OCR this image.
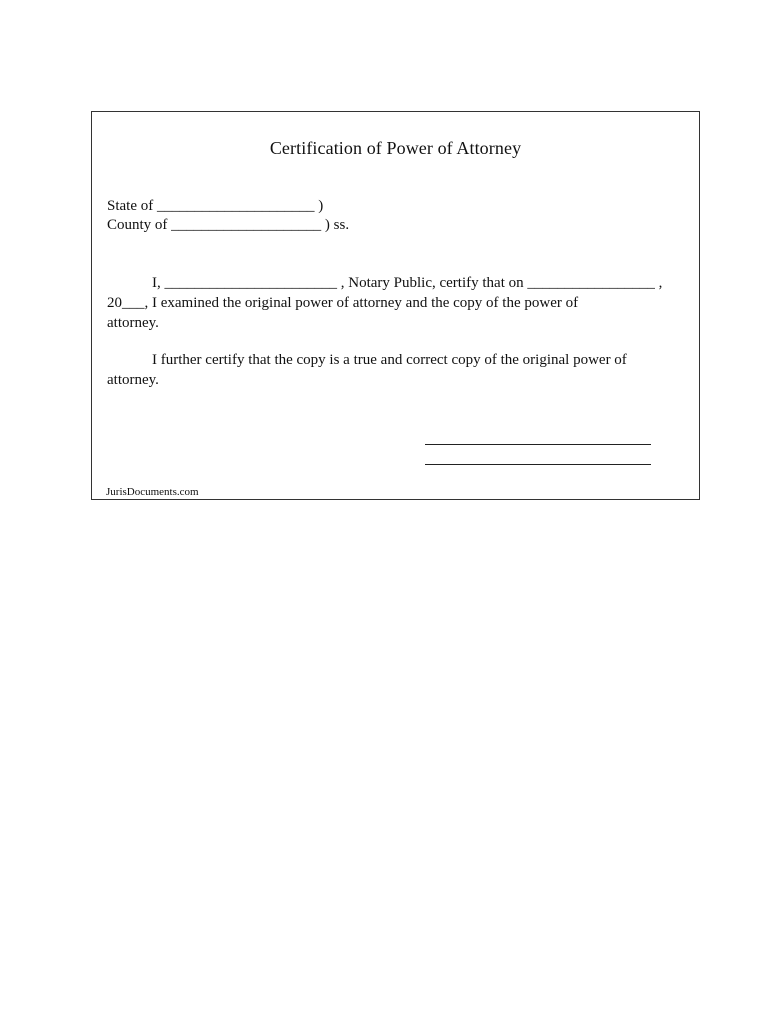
Certification of Power of Attorney
State of _____________________ )
County of ____________________ ) ss.
I, _______________________ , Notary Public, certify that on _________________ ,
20___, I examined the original power of attorney and the copy of the power of
attorney.
I further certify that the copy is a true and correct copy of the original power of
attorney.
JurisDocuments.com
